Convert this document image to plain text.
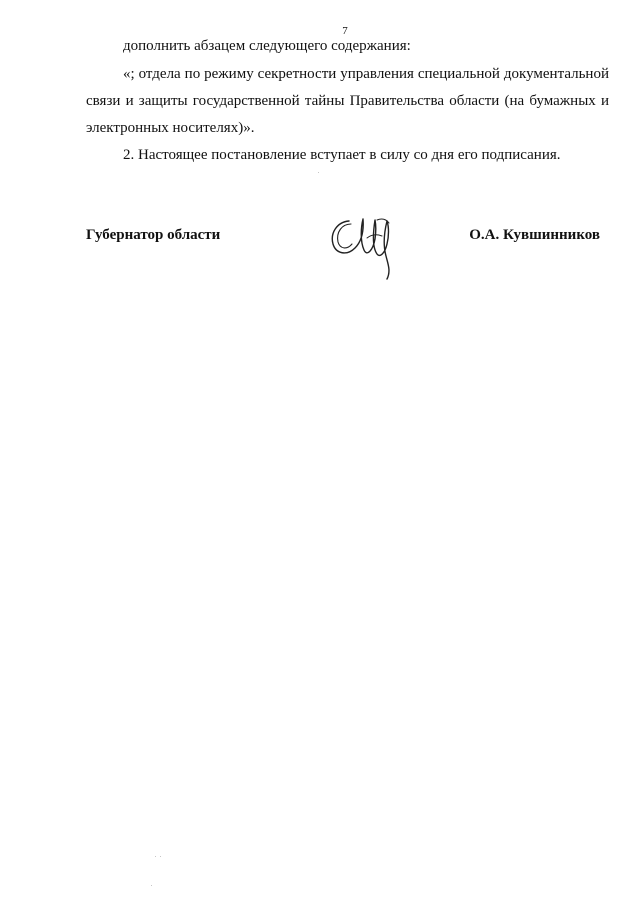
7
дополнить абзацем следующего содержания:
«; отдела по режиму секретности управления специальной документальной
связи и защиты государственной тайны Правительства области (на бумажных и
электронных носителях)».
2. Настоящее постановление вступает в силу со дня его подписания.
Губернатор области	О.А. Кувшинников
